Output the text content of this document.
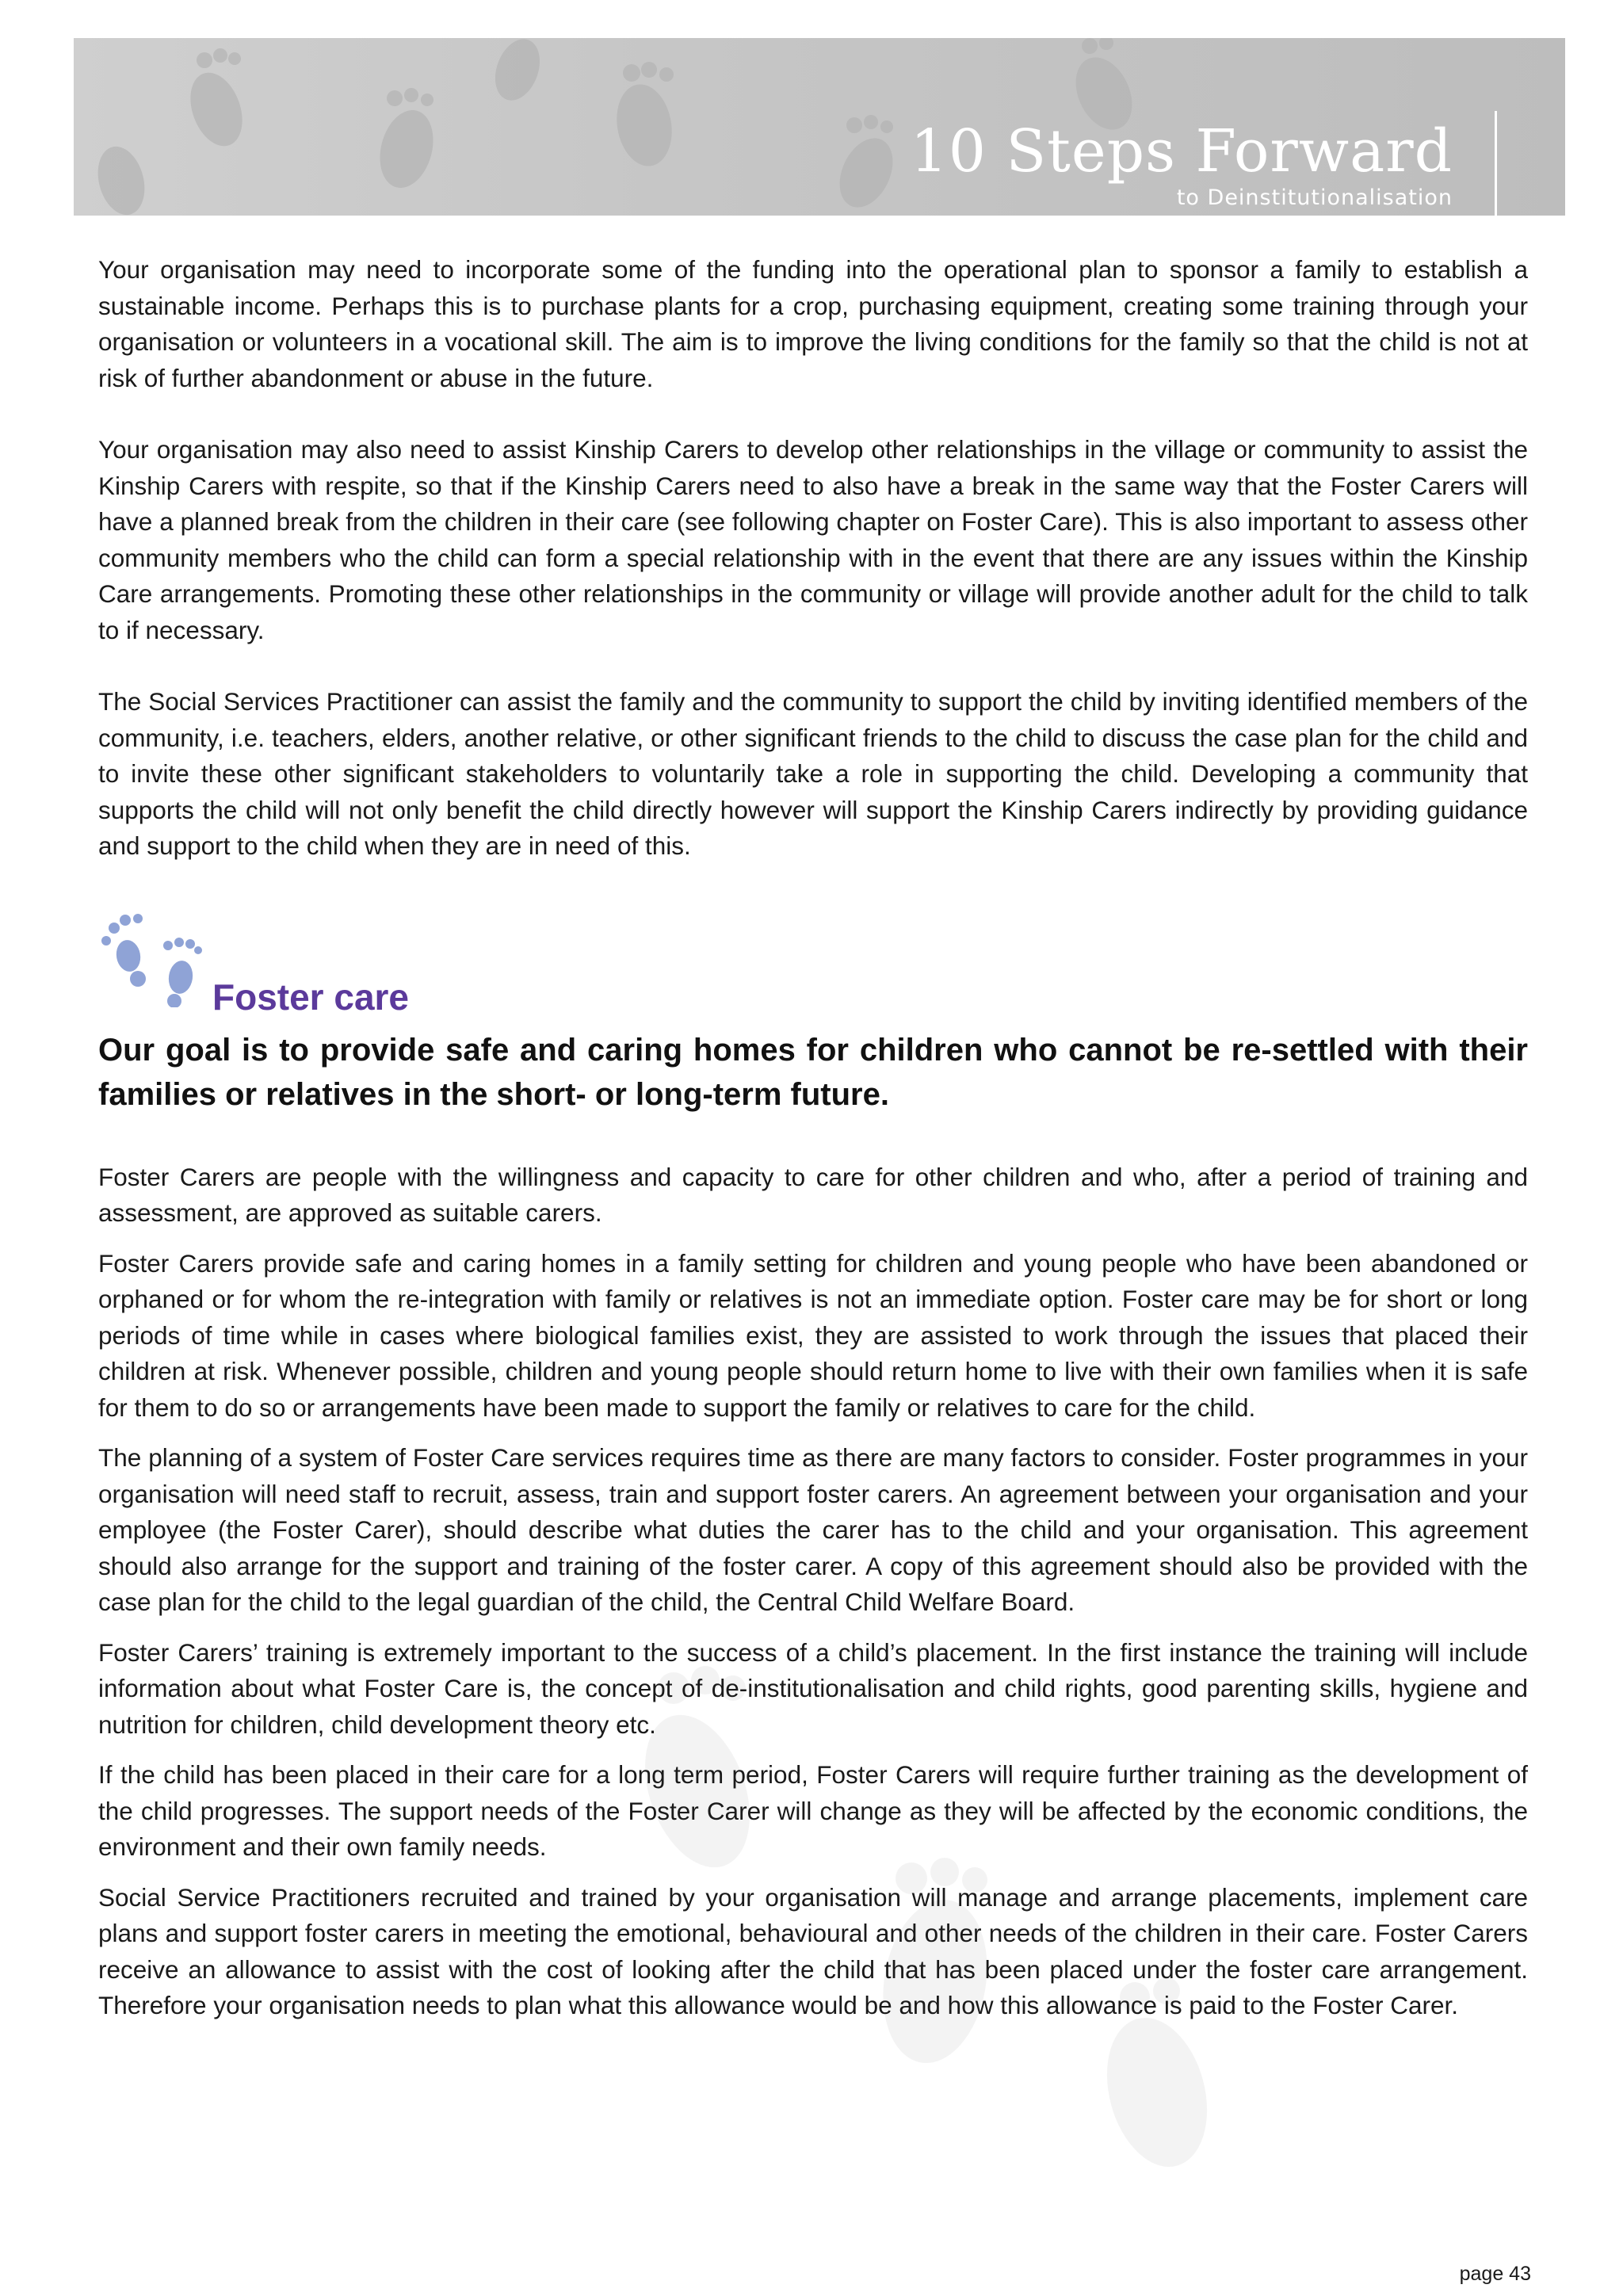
10 Steps Forward
to Deinstitutionalisation

Your organisation may need to incorporate some of the funding into the operational plan to sponsor a family to establish a sustainable income. Perhaps this is to purchase plants for a crop, purchasing equipment, creating some training through your organisation or volunteers in a vocational skill. The aim is to improve the living conditions for the family so that the child is not at risk of further abandonment or abuse in the future.

Your organisation may also need to assist Kinship Carers to develop other relationships in the village or community to assist the Kinship Carers with respite, so that if the Kinship Carers need to also have a break in the same way that the Foster Carers will have a planned break from the children in their care (see following chapter on Foster Care). This is also important to assess other community members who the child can form a special relationship with in the event that there are any issues within the Kinship Care arrangements. Promoting these other relationships in the community or village will provide another adult for the child to talk to if necessary.

The Social Services Practitioner can assist the family and the community to support the child by inviting identified members of the community, i.e. teachers, elders, another relative, or other significant friends to the child to discuss the case plan for the child and to invite these other significant stakeholders to voluntarily take a role in supporting the child. Developing a community that supports the child will not only benefit the child directly however will support the Kinship Carers indirectly by providing guidance and support to the child when they are in need of this.

Foster care
Our goal is to provide safe and caring homes for children who cannot be re-settled with their families or relatives in the short- or long-term future.

Foster Carers are people with the willingness and capacity to care for other children and who, after a period of training and assessment, are approved as suitable carers.

Foster Carers provide safe and caring homes in a family setting for children and young people who have been abandoned or orphaned or for whom the re-integration with family or relatives is not an immediate option. Foster care may be for short or long periods of time while in cases where biological families exist, they are assisted to work through the issues that placed their children at risk. Whenever possible, children and young people should return home to live with their own families when it is safe for them to do so or arrangements have been made to support the family or relatives to care for the child.

The planning of a system of Foster Care services requires time as there are many factors to consider. Foster programmes in your organisation will need staff to recruit, assess, train and support foster carers. An agreement between your organisation and your employee (the Foster Carer), should describe what duties the carer has to the child and your organisation. This agreement should also arrange for the support and training of the foster carer. A copy of this agreement should also be provided with the case plan for the child to the legal guardian of the child, the Central Child Welfare Board.

Foster Carers’ training is extremely important to the success of a child’s placement. In the first instance the training will include information about what Foster Care is, the concept of de-institutionalisation and child rights, good parenting skills, hygiene and nutrition for children, child development theory etc.

If the child has been placed in their care for a long term period, Foster Carers will require further training as the development of the child progresses. The support needs of the Foster Carer will change as they will be affected by the economic conditions, the environment and their own family needs.

Social Service Practitioners recruited and trained by your organisation will manage and arrange placements, implement care plans and support foster carers in meeting the emotional, behavioural and other needs of the children in their care. Foster Carers receive an allowance to assist with the cost of looking after the child that has been placed under the foster care arrangement. Therefore your organisation needs to plan what this allowance would be and how this allowance is paid to the Foster Carer.

page 43
